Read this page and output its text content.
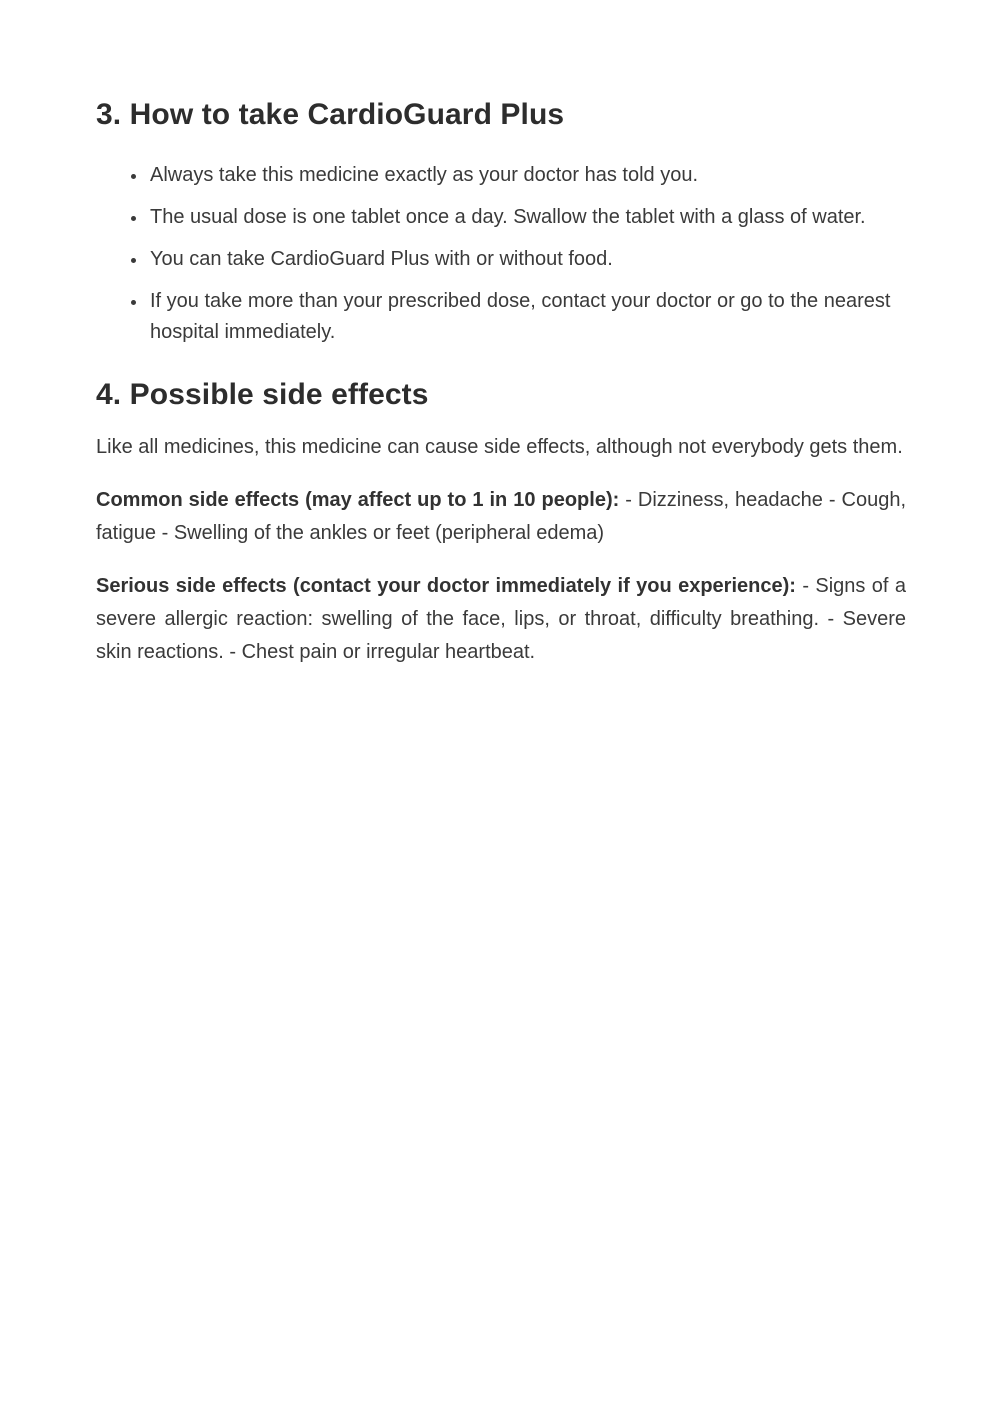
3. How to take CardioGuard Plus
• Always take this medicine exactly as your doctor has told you.
• The usual dose is one tablet once a day. Swallow the tablet with a glass of water.
• You can take CardioGuard Plus with or without food.
• If you take more than your prescribed dose, contact your doctor or go to the nearest hospital immediately.
4. Possible side effects

Like all medicines, this medicine can cause side effects, although not everybody gets them.

Common side effects (may affect up to 1 in 10 people): - Dizziness, headache - Cough, fatigue - Swelling of the ankles or feet (peripheral edema)

Serious side effects (contact your doctor immediately if you experience): - Signs of a severe allergic reaction: swelling of the face, lips, or throat, difficulty breathing. - Severe skin reactions. - Chest pain or irregular heartbeat.
